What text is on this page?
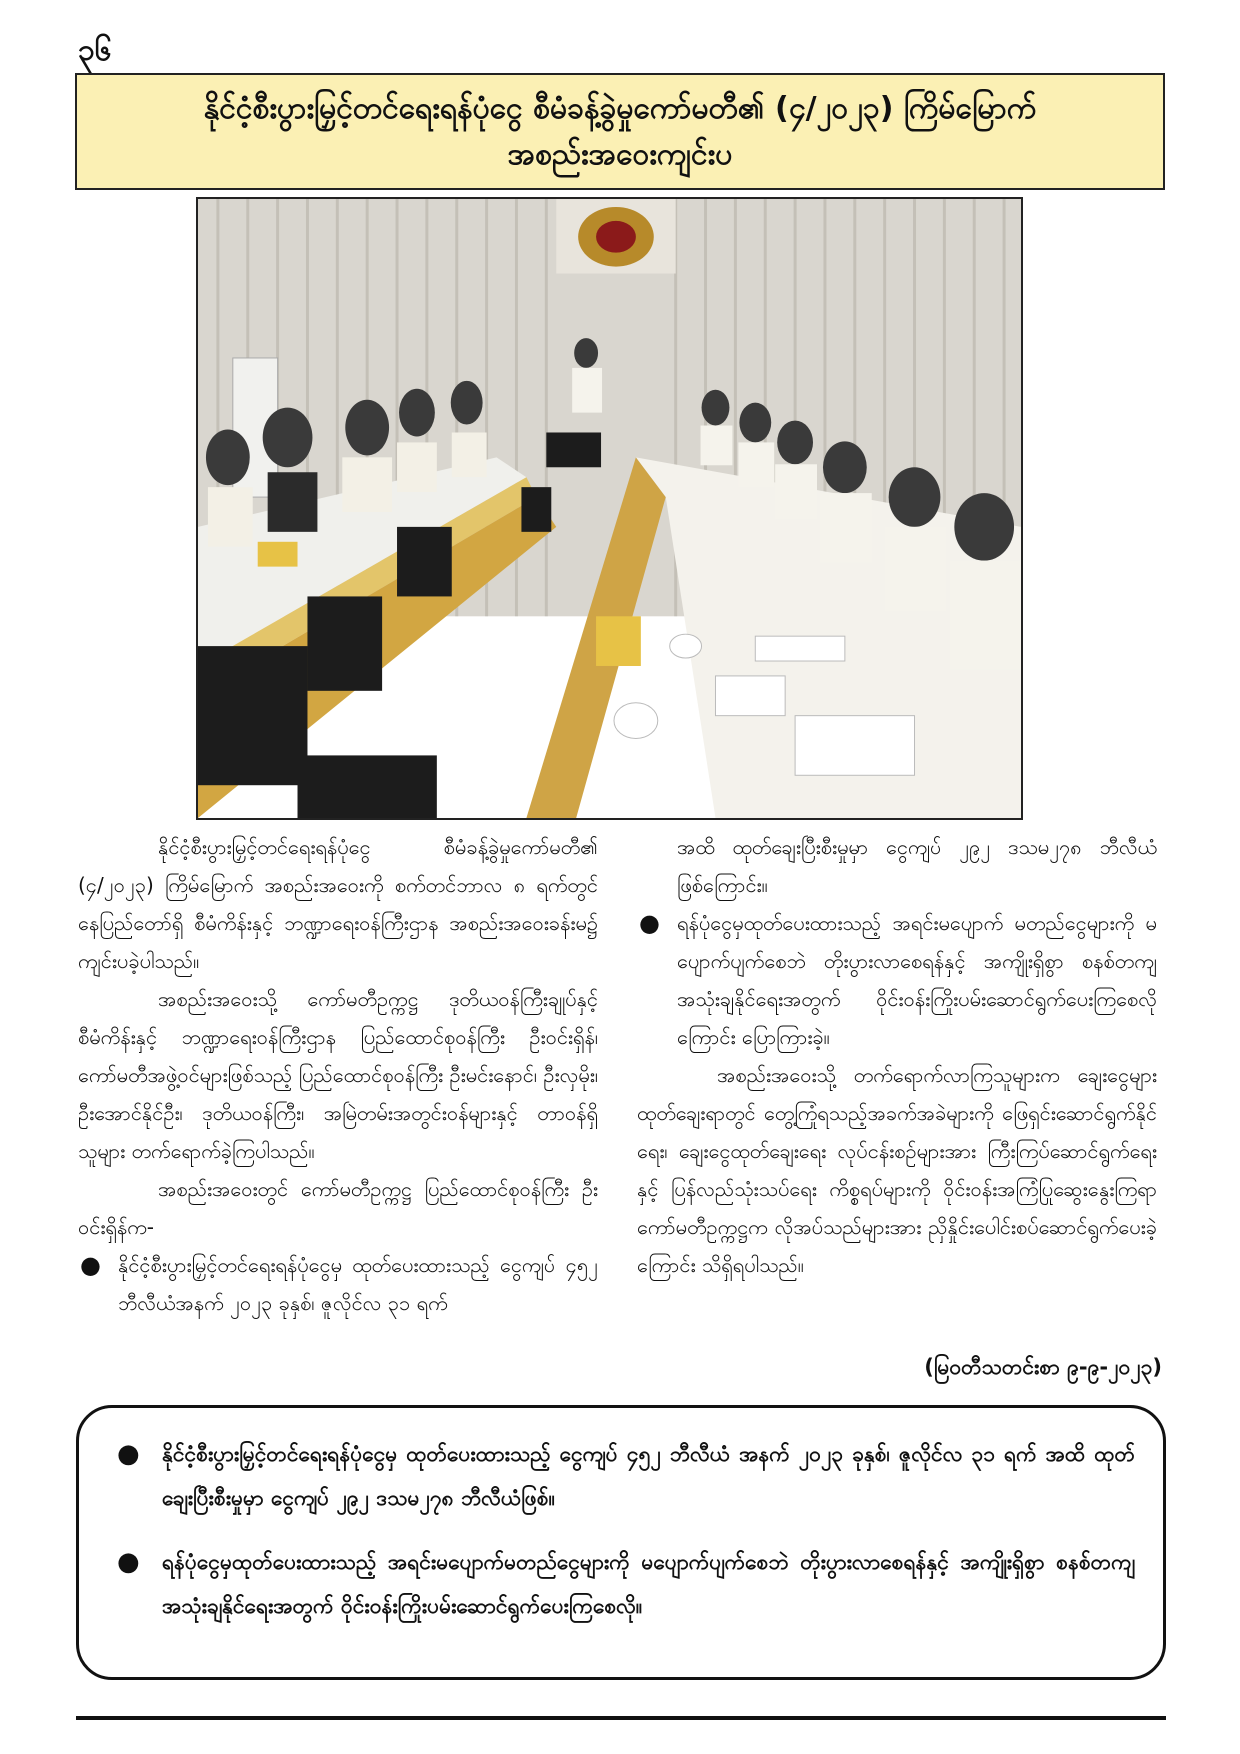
၃၆
နိုင်ငံ့စီးပွားမြှင့်တင်ရေးရန်ပုံငွေ စီမံခန့်ခွဲမှုကော်မတီ၏ (၄/၂၀၂၃) ကြိမ်မြောက်
အစည်းအဝေးကျင်းပ

နိုင်ငံ့စီးပွားမြှင့်တင်ရေးရန်ပုံငွေ စီမံခန့်ခွဲမှုကော်မတီ၏ (၄/၂၀၂၃) ကြိမ်မြောက် အစည်းအဝေးကို စက်တင်ဘာလ ၈ ရက်တွင် နေပြည်တော်ရှိ စီမံကိန်းနှင့် ဘဏ္ဍာရေးဝန်ကြီးဌာန အစည်းအဝေးခန်းမ၌ ကျင်းပခဲ့ပါသည်။

အစည်းအဝေးသို့ ကော်မတီဥက္ကဋ္ဌ ဒုတိယဝန်ကြီးချုပ်နှင့် စီမံကိန်းနှင့် ဘဏ္ဍာရေးဝန်ကြီးဌာန ပြည်ထောင်စုဝန်ကြီး ဦးဝင်းရှိန်၊ ကော်မတီအဖွဲ့ဝင်များဖြစ်သည့် ပြည်ထောင်စုဝန်ကြီး ဦးမင်းနောင်၊ ဦးလှမိုး၊ ဦးအောင်နိုင်ဦး၊ ဒုတိယဝန်ကြီး၊ အမြဲတမ်းအတွင်းဝန်များနှင့် တာဝန်ရှိသူများ တက်ရောက်ခဲ့ကြပါသည်။

အစည်းအဝေးတွင် ကော်မတီဥက္ကဋ္ဌ ပြည်ထောင်စုဝန်ကြီး ဦးဝင်းရှိန်က-

● နိုင်ငံ့စီးပွားမြှင့်တင်ရေးရန်ပုံငွေမှ ထုတ်ပေးထားသည့် ငွေကျပ် ၄၅၂ ဘီလီယံအနက် ၂၀၂၃ ခုနှစ်၊ ဇူလိုင်လ ၃၁ ရက်

အထိ ထုတ်ချေးပြီးစီးမှုမှာ ငွေကျပ် ၂၉၂ ဒသမ၂၇၈ ဘီလီယံဖြစ်ကြောင်း။

● ရန်ပုံငွေမှထုတ်ပေးထားသည့် အရင်းမပျောက် မတည်ငွေများကို မပျောက်ပျက်စေဘဲ တိုးပွားလာစေရန်နှင့် အကျိုးရှိစွာ စနစ်တကျအသုံးချနိုင်ရေးအတွက် ဝိုင်းဝန်းကြိုးပမ်းဆောင်ရွက်ပေးကြစေလိုကြောင်း ပြောကြားခဲ့။

အစည်းအဝေးသို့ တက်ရောက်လာကြသူများက ချေးငွေများ ထုတ်ချေးရာတွင် တွေ့ကြုံရသည့်အခက်အခဲများကို ဖြေရှင်းဆောင်ရွက်နိုင်ရေး၊ ချေးငွေထုတ်ချေးရေး လုပ်ငန်းစဉ်များအား ကြီးကြပ်ဆောင်ရွက်ရေးနှင့် ပြန်လည်သုံးသပ်ရေး ကိစ္စရပ်များကို ဝိုင်းဝန်းအကြံပြုဆွေးနွေးကြရာ ကော်မတီဥက္ကဋ္ဌက လိုအပ်သည်များအား ညှိနှိုင်းပေါင်းစပ်ဆောင်ရွက်ပေးခဲ့ကြောင်း သိရှိရပါသည်။

(မြဝတီသတင်းစာ ၉-၉-၂၀၂၃)
● နိုင်ငံ့စီးပွားမြှင့်တင်ရေးရန်ပုံငွေမှ ထုတ်ပေးထားသည့် ငွေကျပ် ၄၅၂ ဘီလီယံ အနက် ၂၀၂၃ ခုနှစ်၊ ဇူလိုင်လ ၃၁ ရက် အထိ ထုတ်ချေးပြီးစီးမှုမှာ ငွေကျပ် ၂၉၂ ဒသမ၂၇၈ ဘီလီယံဖြစ်။
● ရန်ပုံငွေမှထုတ်ပေးထားသည့် အရင်းမပျောက်မတည်ငွေများကို မပျောက်ပျက်စေဘဲ တိုးပွားလာစေရန်နှင့် အကျိုးရှိစွာ စနစ်တကျအသုံးချနိုင်ရေးအတွက် ဝိုင်းဝန်းကြိုးပမ်းဆောင်ရွက်ပေးကြစေလို။
